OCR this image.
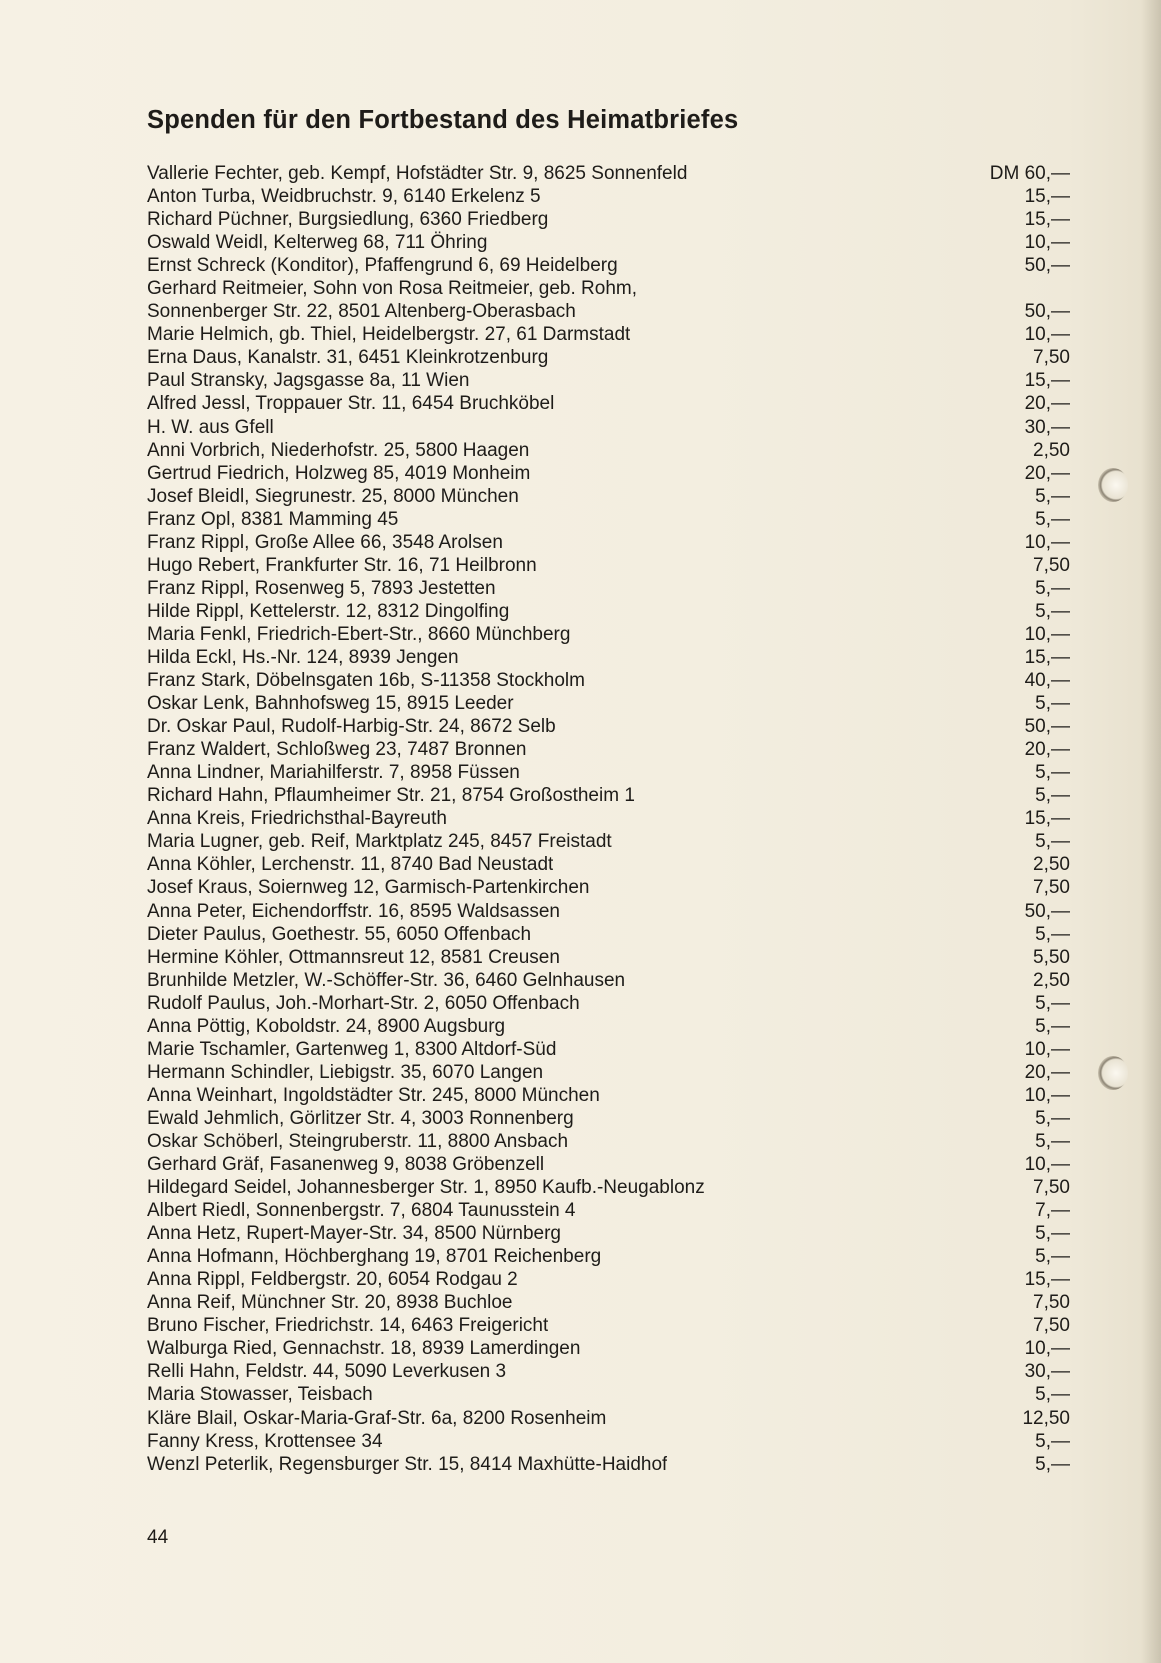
Spenden für den Fortbestand des Heimatbriefes
Vallerie Fechter, geb. Kempf, Hofstädter Str. 9, 8625 Sonnenfeld	DM 60,—
Anton Turba, Weidbruchstr. 9, 6140 Erkelenz 5	15,—
Richard Püchner, Burgsiedlung, 6360 Friedberg	15,—
Oswald Weidl, Kelterweg 68, 711 Öhring	10,—
Ernst Schreck (Konditor), Pfaffengrund 6, 69 Heidelberg	50,—
Gerhard Reitmeier, Sohn von Rosa Reitmeier, geb. Rohm,
Sonnenberger Str. 22, 8501 Altenberg-Oberasbach	50,—
Marie Helmich, gb. Thiel, Heidelbergstr. 27, 61 Darmstadt	10,—
Erna Daus, Kanalstr. 31, 6451 Kleinkrotzenburg	7,50
Paul Stransky, Jagsgasse 8a, 11 Wien	15,—
Alfred Jessl, Troppauer Str. 11, 6454 Bruchköbel	20,—
H. W. aus Gfell	30,—
Anni Vorbrich, Niederhofstr. 25, 5800 Haagen	2,50
Gertrud Fiedrich, Holzweg 85, 4019 Monheim	20,—
Josef Bleidl, Siegrunestr. 25, 8000 München	5,—
Franz Opl, 8381 Mamming 45	5,—
Franz Rippl, Große Allee 66, 3548 Arolsen	10,—
Hugo Rebert, Frankfurter Str. 16, 71 Heilbronn	7,50
Franz Rippl, Rosenweg 5, 7893 Jestetten	5,—
Hilde Rippl, Kettelerstr. 12, 8312 Dingolfing	5,—
Maria Fenkl, Friedrich-Ebert-Str., 8660 Münchberg	10,—
Hilda Eckl, Hs.-Nr. 124, 8939 Jengen	15,—
Franz Stark, Döbelnsgaten 16b, S-11358 Stockholm	40,—
Oskar Lenk, Bahnhofsweg 15, 8915 Leeder	5,—
Dr. Oskar Paul, Rudolf-Harbig-Str. 24, 8672 Selb	50,—
Franz Waldert, Schloßweg 23, 7487 Bronnen	20,—
Anna Lindner, Mariahilferstr. 7, 8958 Füssen	5,—
Richard Hahn, Pflaumheimer Str. 21, 8754 Großostheim 1	5,—
Anna Kreis, Friedrichsthal-Bayreuth	15,—
Maria Lugner, geb. Reif, Marktplatz 245, 8457 Freistadt	5,—
Anna Köhler, Lerchenstr. 11, 8740 Bad Neustadt	2,50
Josef Kraus, Soiernweg 12, Garmisch-Partenkirchen	7,50
Anna Peter, Eichendorffstr. 16, 8595 Waldsassen	50,—
Dieter Paulus, Goethestr. 55, 6050 Offenbach	5,—
Hermine Köhler, Ottmannsreut 12, 8581 Creusen	5,50
Brunhilde Metzler, W.-Schöffer-Str. 36, 6460 Gelnhausen	2,50
Rudolf Paulus, Joh.-Morhart-Str. 2, 6050 Offenbach	5,—
Anna Pöttig, Koboldstr. 24, 8900 Augsburg	5,—
Marie Tschamler, Gartenweg 1, 8300 Altdorf-Süd	10,—
Hermann Schindler, Liebigstr. 35, 6070 Langen	20,—
Anna Weinhart, Ingoldstädter Str. 245, 8000 München	10,—
Ewald Jehmlich, Görlitzer Str. 4, 3003 Ronnenberg	5,—
Oskar Schöberl, Steingruberstr. 11, 8800 Ansbach	5,—
Gerhard Gräf, Fasanenweg 9, 8038 Gröbenzell	10,—
Hildegard Seidel, Johannesberger Str. 1, 8950 Kaufb.-Neugablonz	7,50
Albert Riedl, Sonnenbergstr. 7, 6804 Taunusstein 4	7,—
Anna Hetz, Rupert-Mayer-Str. 34, 8500 Nürnberg	5,—
Anna Hofmann, Höchberghang 19, 8701 Reichenberg	5,—
Anna Rippl, Feldbergstr. 20, 6054 Rodgau 2	15,—
Anna Reif, Münchner Str. 20, 8938 Buchloe	7,50
Bruno Fischer, Friedrichstr. 14, 6463 Freigericht	7,50
Walburga Ried, Gennachstr. 18, 8939 Lamerdingen	10,—
Relli Hahn, Feldstr. 44, 5090 Leverkusen 3	30,—
Maria Stowasser, Teisbach	5,—
Kläre Blail, Oskar-Maria-Graf-Str. 6a, 8200 Rosenheim	12,50
Fanny Kress, Krottensee 34	5,—
Wenzl Peterlik, Regensburger Str. 15, 8414 Maxhütte-Haidhof	5,—
44
